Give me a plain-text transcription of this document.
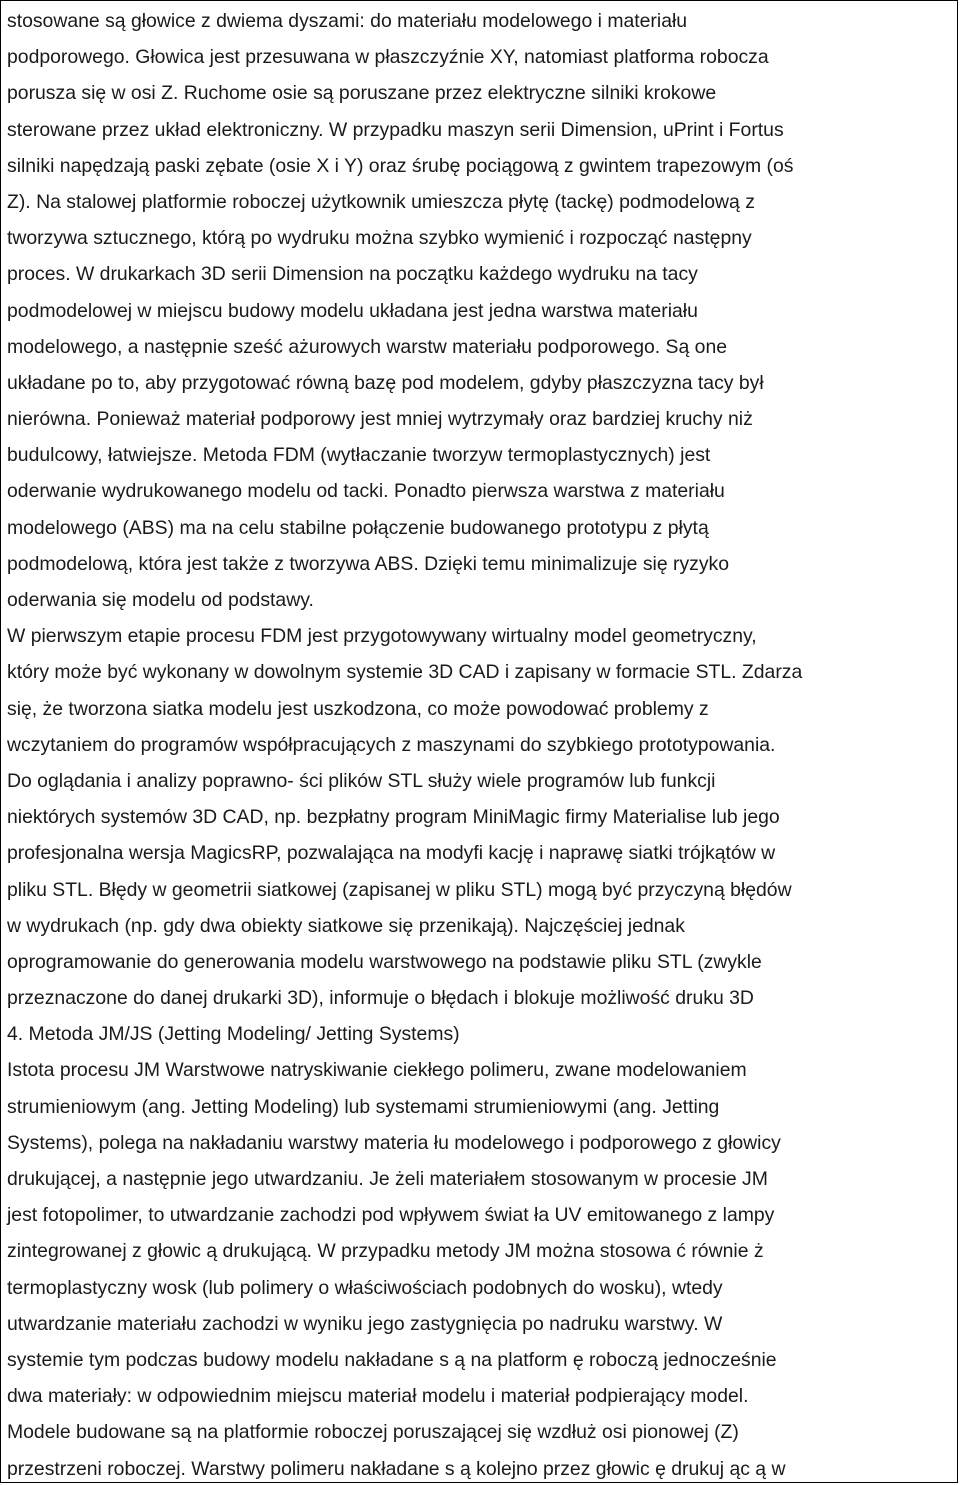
stosowane są głowice z dwiema dyszami: do materiału modelowego i materiału
podporowego. Głowica jest przesuwana w płaszczyźnie XY, natomiast platforma robocza
porusza się w osi Z. Ruchome osie są poruszane przez elektryczne silniki krokowe
sterowane przez układ elektroniczny. W przypadku maszyn serii Dimension, uPrint i Fortus
silniki napędzają paski zębate (osie X i Y) oraz śrubę pociągową z gwintem trapezowym (oś
Z). Na stalowej platformie roboczej użytkownik umieszcza płytę (tackę) podmodelową z
tworzywa sztucznego, którą po wydruku można szybko wymienić i rozpocząć następny
proces. W drukarkach 3D serii Dimension na początku każdego wydruku na tacy
podmodelowej w miejscu budowy modelu układana jest jedna warstwa materiału
modelowego, a następnie sześć ażurowych warstw materiału podporowego. Są one
układane po to, aby przygotować równą bazę pod modelem, gdyby płaszczyzna tacy był
nierówna. Ponieważ materiał podporowy jest mniej wytrzymały oraz bardziej kruchy niż
budulcowy, łatwiejsze. Metoda FDM (wytłaczanie tworzyw termoplastycznych) jest
oderwanie wydrukowanego modelu od tacki. Ponadto pierwsza warstwa z materiału
modelowego (ABS) ma na celu stabilne połączenie budowanego prototypu z płytą
podmodelową, która jest także z tworzywa ABS. Dzięki temu minimalizuje się ryzyko
oderwania się modelu od podstawy.
W pierwszym etapie procesu FDM jest przygotowywany wirtualny model geometryczny,
który może być wykonany w dowolnym systemie 3D CAD i zapisany w formacie STL. Zdarza
się, że tworzona siatka modelu jest uszkodzona, co może powodować problemy z
wczytaniem do programów współpracujących z maszynami do szybkiego prototypowania.
Do oglądania i analizy poprawno- ści plików STL służy wiele programów lub funkcji
niektórych systemów 3D CAD, np. bezpłatny program MiniMagic firmy Materialise lub jego
profesjonalna wersja MagicsRP, pozwalająca na modyfi kację i naprawę siatki trójkątów w
pliku STL. Błędy w geometrii siatkowej (zapisanej w pliku STL) mogą być przyczyną błędów
w wydrukach (np. gdy dwa obiekty siatkowe się przenikają). Najczęściej jednak
oprogramowanie do generowania modelu warstwowego na podstawie pliku STL (zwykle
przeznaczone do danej drukarki 3D), informuje o błędach i blokuje możliwość druku 3D
4. Metoda JM/JS (Jetting Modeling/ Jetting Systems)
Istota procesu JM Warstwowe natryskiwanie ciekłego polimeru, zwane modelowaniem
strumieniowym (ang. Jetting Modeling) lub systemami strumieniowymi (ang. Jetting
Systems), polega na nakładaniu warstwy materia łu modelowego i podporowego z głowicy
drukującej, a następnie jego utwardzaniu. Je żeli materiałem stosowanym w procesie JM
jest fotopolimer, to utwardzanie zachodzi pod wpływem świat ła UV emitowanego z lampy
zintegrowanej z głowic ą drukującą. W przypadku metody JM można stosowa ć równie ż
termoplastyczny wosk (lub polimery o właściwościach podobnych do wosku), wtedy
utwardzanie materiału zachodzi w wyniku jego zastygnięcia po nadruku warstwy. W
systemie tym podczas budowy modelu nakładane s ą na platform ę roboczą jednocześnie
dwa materiały: w odpowiednim miejscu materiał modelu i materiał podpierający model.
Modele budowane są na platformie roboczej poruszającej się wzdłuż osi pionowej (Z)
przestrzeni roboczej. Warstwy polimeru nakładane s ą kolejno przez głowic ę drukuj ąc ą w
